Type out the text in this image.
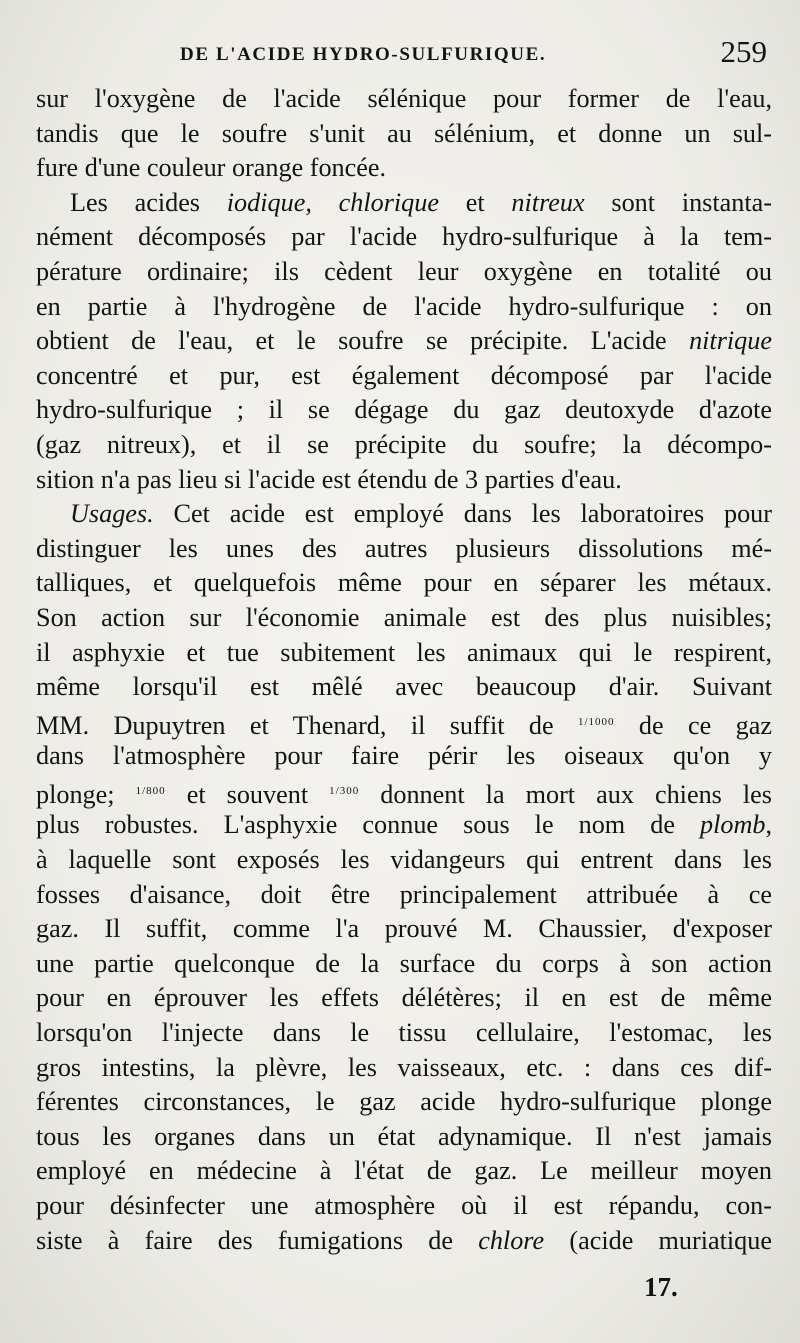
DE L'ACIDE HYDRO-SULFURIQUE.	259
sur l'oxygène de l'acide sélénique pour former de l'eau,
tandis que le soufre s'unit au sélénium, et donne un sul-
fure d'une couleur orange foncée.
Les acides iodique, chlorique et nitreux sont instanta-
nément décomposés par l'acide hydro-sulfurique à la tem-
pérature ordinaire; ils cèdent leur oxygène en totalité ou
en partie à l'hydrogène de l'acide hydro-sulfurique : on
obtient de l'eau, et le soufre se précipite. L'acide nitrique
concentré et pur, est également décomposé par l'acide
hydro-sulfurique ; il se dégage du gaz deutoxyde d'azote
(gaz nitreux), et il se précipite du soufre; la décompo-
sition n'a pas lieu si l'acide est étendu de 3 parties d'eau.
Usages. Cet acide est employé dans les laboratoires pour
distinguer les unes des autres plusieurs dissolutions mé-
talliques, et quelquefois même pour en séparer les métaux.
Son action sur l'économie animale est des plus nuisibles;
il asphyxie et tue subitement les animaux qui le respirent,
même lorsqu'il est mêlé avec beaucoup d'air. Suivant
MM. Dupuytren et Thenard, il suffit de $^{1/1000}$ de ce gaz
dans l'atmosphère pour faire périr les oiseaux qu'on y
plonge; $^{1/800}$ et souvent $^{1/300}$ donnent la mort aux chiens les
plus robustes. L'asphyxie connue sous le nom de plomb,
à laquelle sont exposés les vidangeurs qui entrent dans les
fosses d'aisance, doit être principalement attribuée à ce
gaz. Il suffit, comme l'a prouvé M. Chaussier, d'exposer
une partie quelconque de la surface du corps à son action
pour en éprouver les effets délétères; il en est de même
lorsqu'on l'injecte dans le tissu cellulaire, l'estomac, les
gros intestins, la plèvre, les vaisseaux, etc. : dans ces dif-
férentes circonstances, le gaz acide hydro-sulfurique plonge
tous les organes dans un état adynamique. Il n'est jamais
employé en médecine à l'état de gaz. Le meilleur moyen
pour désinfecter une atmosphère où il est répandu, con-
siste à faire des fumigations de chlore (acide muriatique
17.
